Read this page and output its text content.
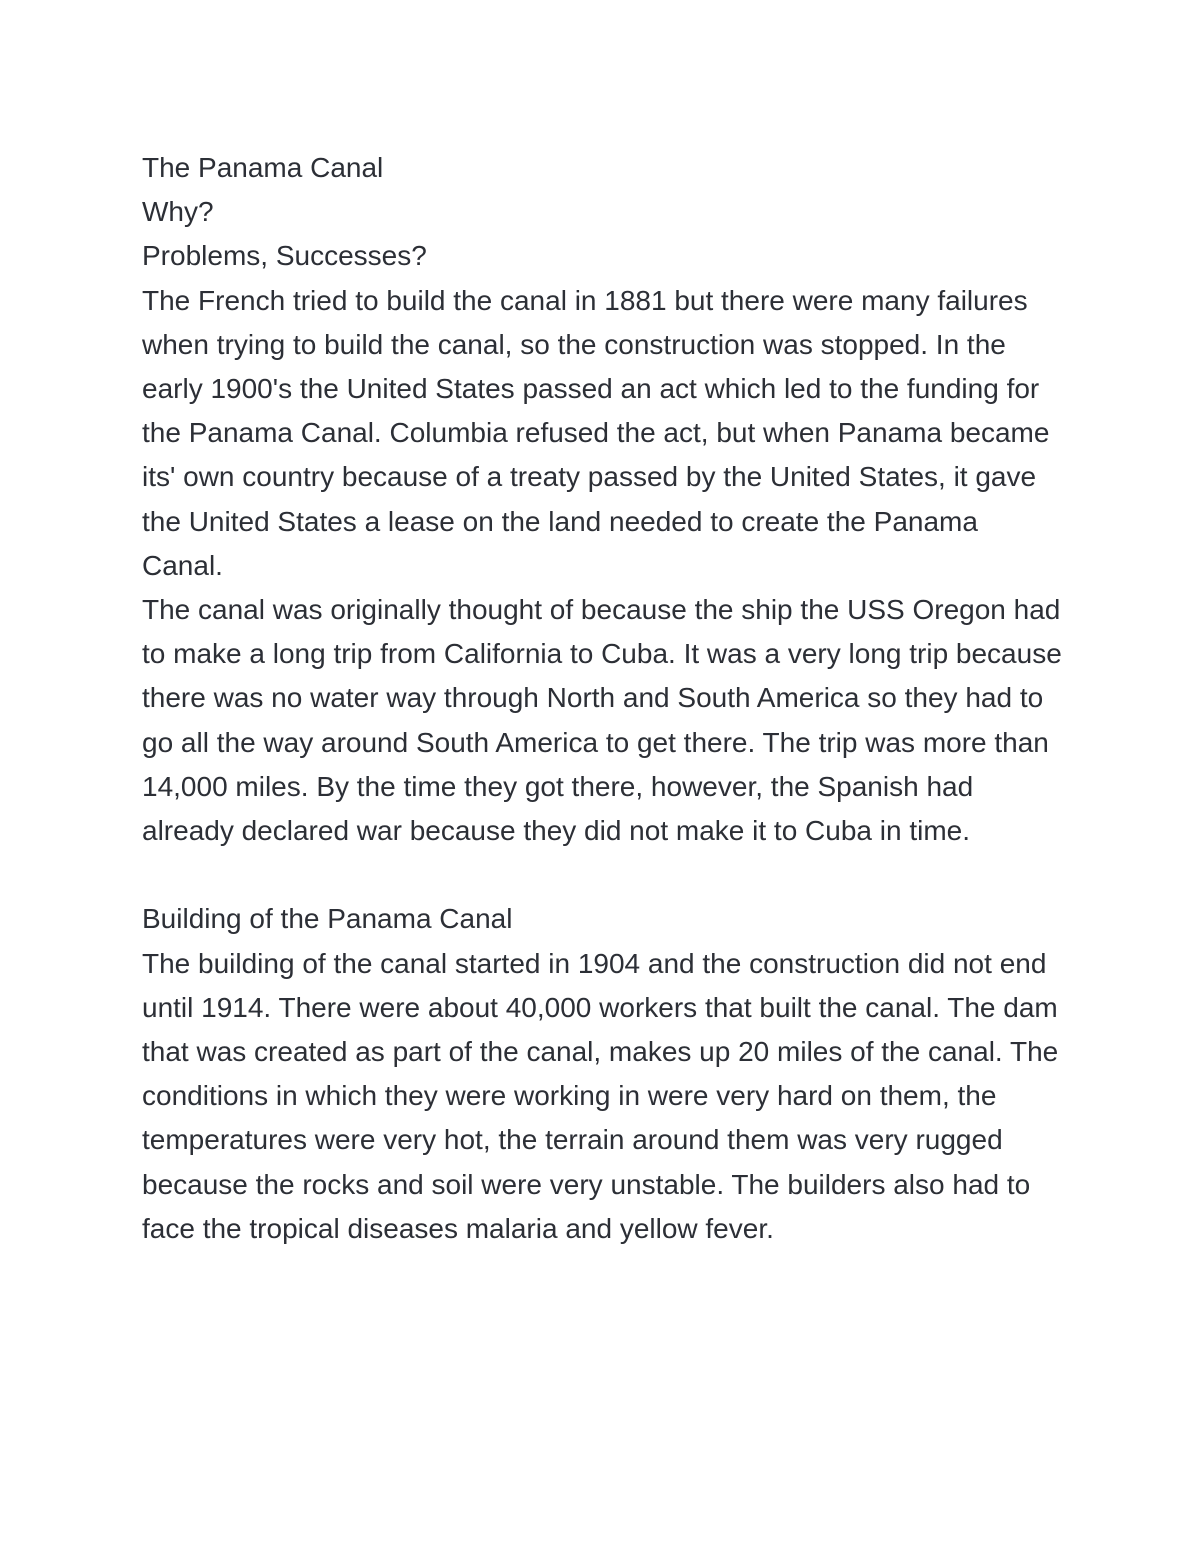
The Panama Canal

Why?

Problems, Successes?

The French tried to build the canal in 1881 but there were many failures when trying to build the canal, so the construction was stopped. In the early 1900's the United States passed an act which led to the funding for the Panama Canal. Columbia refused the act, but when Panama became its' own country because of a treaty passed by the United States, it gave the United States a lease on the land needed to create the Panama Canal.

The canal was originally thought of because the ship the USS Oregon had to make a long trip from California to Cuba. It was a very long trip because there was no water way through North and South America so they had to go all the way around South America to get there. The trip was more than 14,000 miles. By the time they got there, however, the Spanish had already declared war because they did not make it to Cuba in time.

Building of the Panama Canal

The building of the canal started in 1904 and the construction did not end until 1914. There were about 40,000 workers that built the canal. The dam that was created as part of the canal, makes up 20 miles of the canal. The conditions in which they were working in were very hard on them, the temperatures were very hot, the terrain around them was very rugged because the rocks and soil were very unstable. The builders also had to face the tropical diseases malaria and yellow fever.
